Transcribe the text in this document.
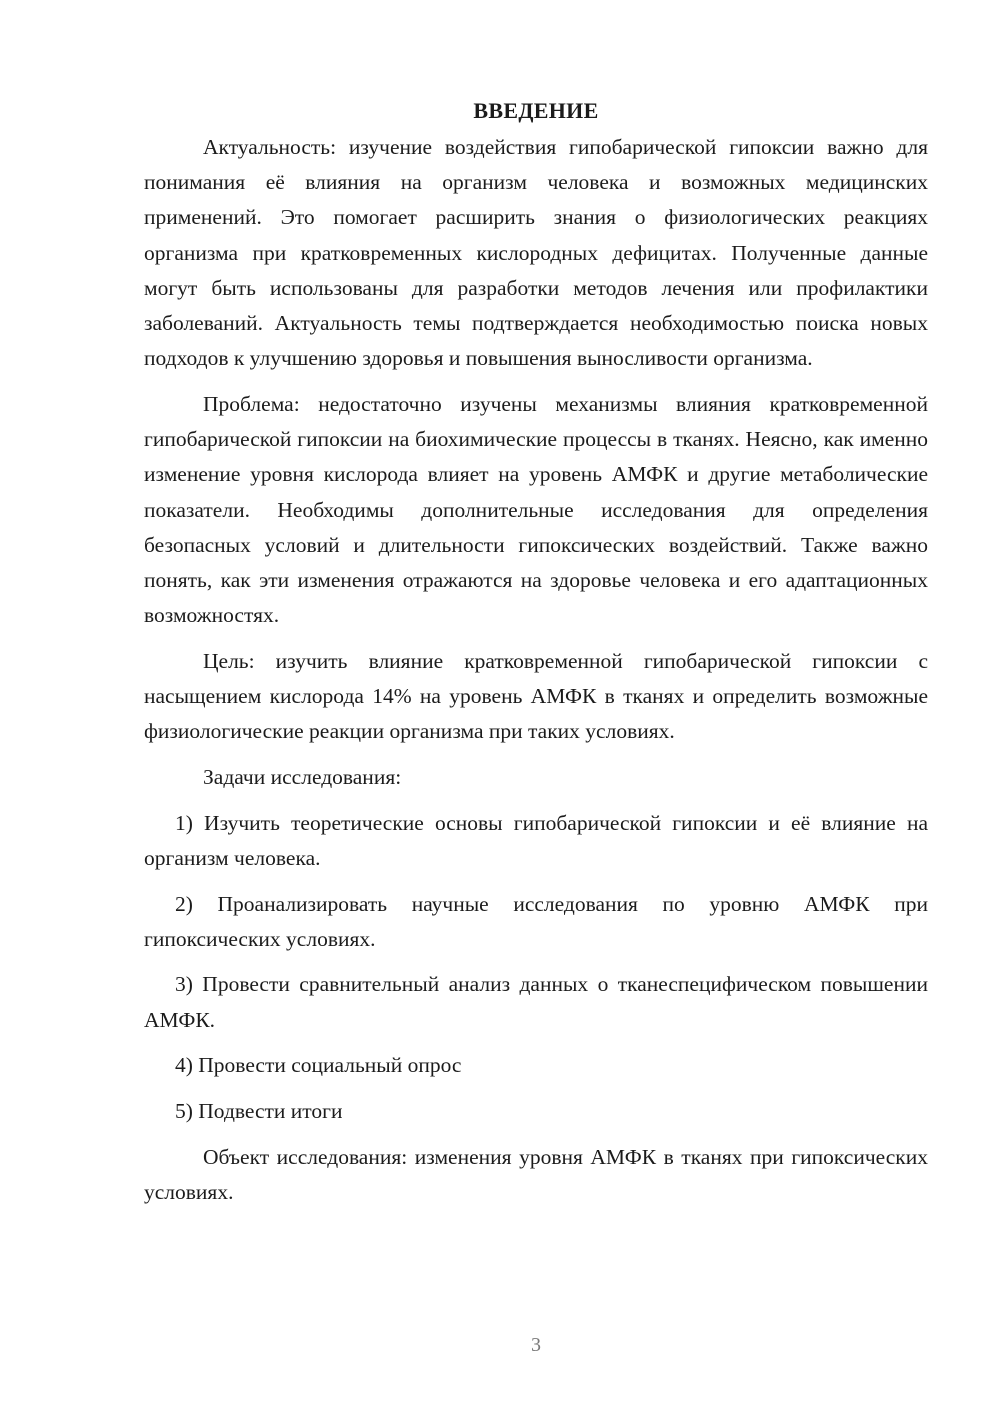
ВВЕДЕНИЕ

Актуальность: изучение воздействия гипобарической гипоксии важно для понимания её влияния на организм человека и возможных медицинских применений. Это помогает расширить знания о физиологических реакциях организма при кратковременных кислородных дефицитах. Полученные данные могут быть использованы для разработки методов лечения или профилактики заболеваний. Актуальность темы подтверждается необходимостью поиска новых подходов к улучшению здоровья и повышения выносливости организма.

Проблема: недостаточно изучены механизмы влияния кратковременной гипобарической гипоксии на биохимические процессы в тканях. Неясно, как именно изменение уровня кислорода влияет на уровень АМФК и другие метаболические показатели. Необходимы дополнительные исследования для определения безопасных условий и длительности гипоксических воздействий. Также важно понять, как эти изменения отражаются на здоровье человека и его адаптационных возможностях.

Цель: изучить влияние кратковременной гипобарической гипоксии с насыщением кислорода 14% на уровень АМФК в тканях и определить возможные физиологические реакции организма при таких условиях.

Задачи исследования:

1) Изучить теоретические основы гипобарической гипоксии и её влияние на организм человека.

2) Проанализировать научные исследования по уровню АМФК при гипоксических условиях.

3) Провести сравнительный анализ данных о тканеспецифическом повышении АМФК.

4) Провести социальный опрос

5) Подвести итоги

Объект исследования: изменения уровня АМФК в тканях при гипоксических условиях.

3
